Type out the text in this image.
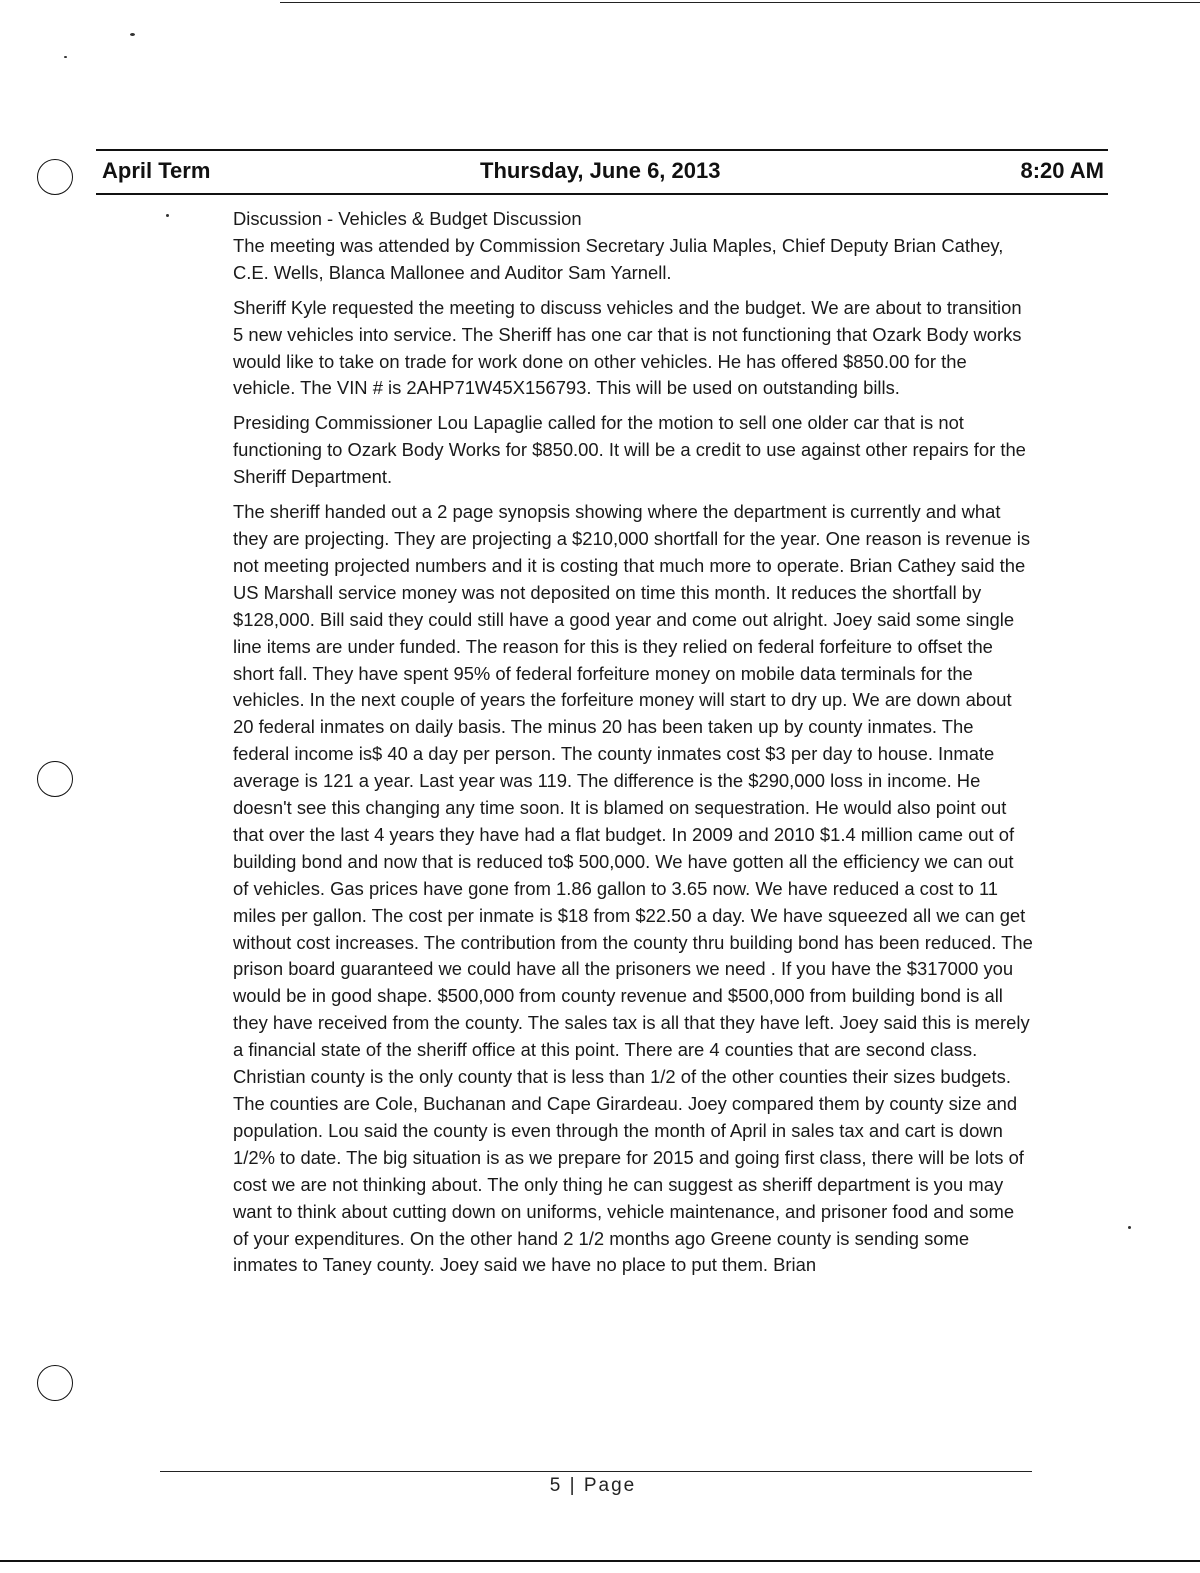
April Term	Thursday, June 6, 2013	8:20 AM

Discussion - Vehicles & Budget Discussion
The meeting was attended by Commission Secretary Julia Maples, Chief Deputy Brian Cathey, C.E. Wells, Blanca Mallonee and Auditor Sam Yarnell.

Sheriff Kyle requested the meeting to discuss vehicles and the budget. We are about to transition 5 new vehicles into service. The Sheriff has one car that is not functioning that Ozark Body works would like to take on trade for work done on other vehicles. He has offered $850.00 for the vehicle. The VIN # is 2AHP71W45X156793. This will be used on outstanding bills.

Presiding Commissioner Lou Lapaglie called for the motion to sell one older car that is not functioning to Ozark Body Works for $850.00. It will be a credit to use against other repairs for the Sheriff Department.

The sheriff handed out a 2 page synopsis showing where the department is currently and what they are projecting. They are projecting a $210,000 shortfall for the year. One reason is revenue is not meeting projected numbers and it is costing that much more to operate. Brian Cathey said the US Marshall service money was not deposited on time this month. It reduces the shortfall by $128,000. Bill said they could still have a good year and come out alright. Joey said some single line items are under funded. The reason for this is they relied on federal forfeiture to offset the short fall. They have spent 95% of federal forfeiture money on mobile data terminals for the vehicles. In the next couple of years the forfeiture money will start to dry up. We are down about 20 federal inmates on daily basis. The minus 20 has been taken up by county inmates. The federal income is$ 40 a day per person. The county inmates cost $3 per day to house. Inmate average is 121 a year. Last year was 119. The difference is the $290,000 loss in income. He doesn't see this changing any time soon. It is blamed on sequestration. He would also point out that over the last 4 years they have had a flat budget. In 2009 and 2010 $1.4 million came out of building bond and now that is reduced to$ 500,000. We have gotten all the efficiency we can out of vehicles. Gas prices have gone from 1.86 gallon to 3.65 now. We have reduced a cost to 11 miles per gallon. The cost per inmate is $18 from $22.50 a day. We have squeezed all we can get without cost increases. The contribution from the county thru building bond has been reduced. The prison board guaranteed we could have all the prisoners we need . If you have the $317000 you would be in good shape. $500,000 from county revenue and $500,000 from building bond is all they have received from the county. The sales tax is all that they have left. Joey said this is merely a financial state of the sheriff office at this point. There are 4 counties that are second class. Christian county is the only county that is less than 1/2 of the other counties their sizes budgets. The counties are Cole, Buchanan and Cape Girardeau. Joey compared them by county size and population. Lou said the county is even through the month of April in sales tax and cart is down 1/2% to date. The big situation is as we prepare for 2015 and going first class, there will be lots of cost we are not thinking about. The only thing he can suggest as sheriff department is you may want to think about cutting down on uniforms, vehicle maintenance, and prisoner food and some of your expenditures. On the other hand 2 1/2 months ago Greene county is sending some inmates to Taney county. Joey said we have no place to put them. Brian

5 | Page
